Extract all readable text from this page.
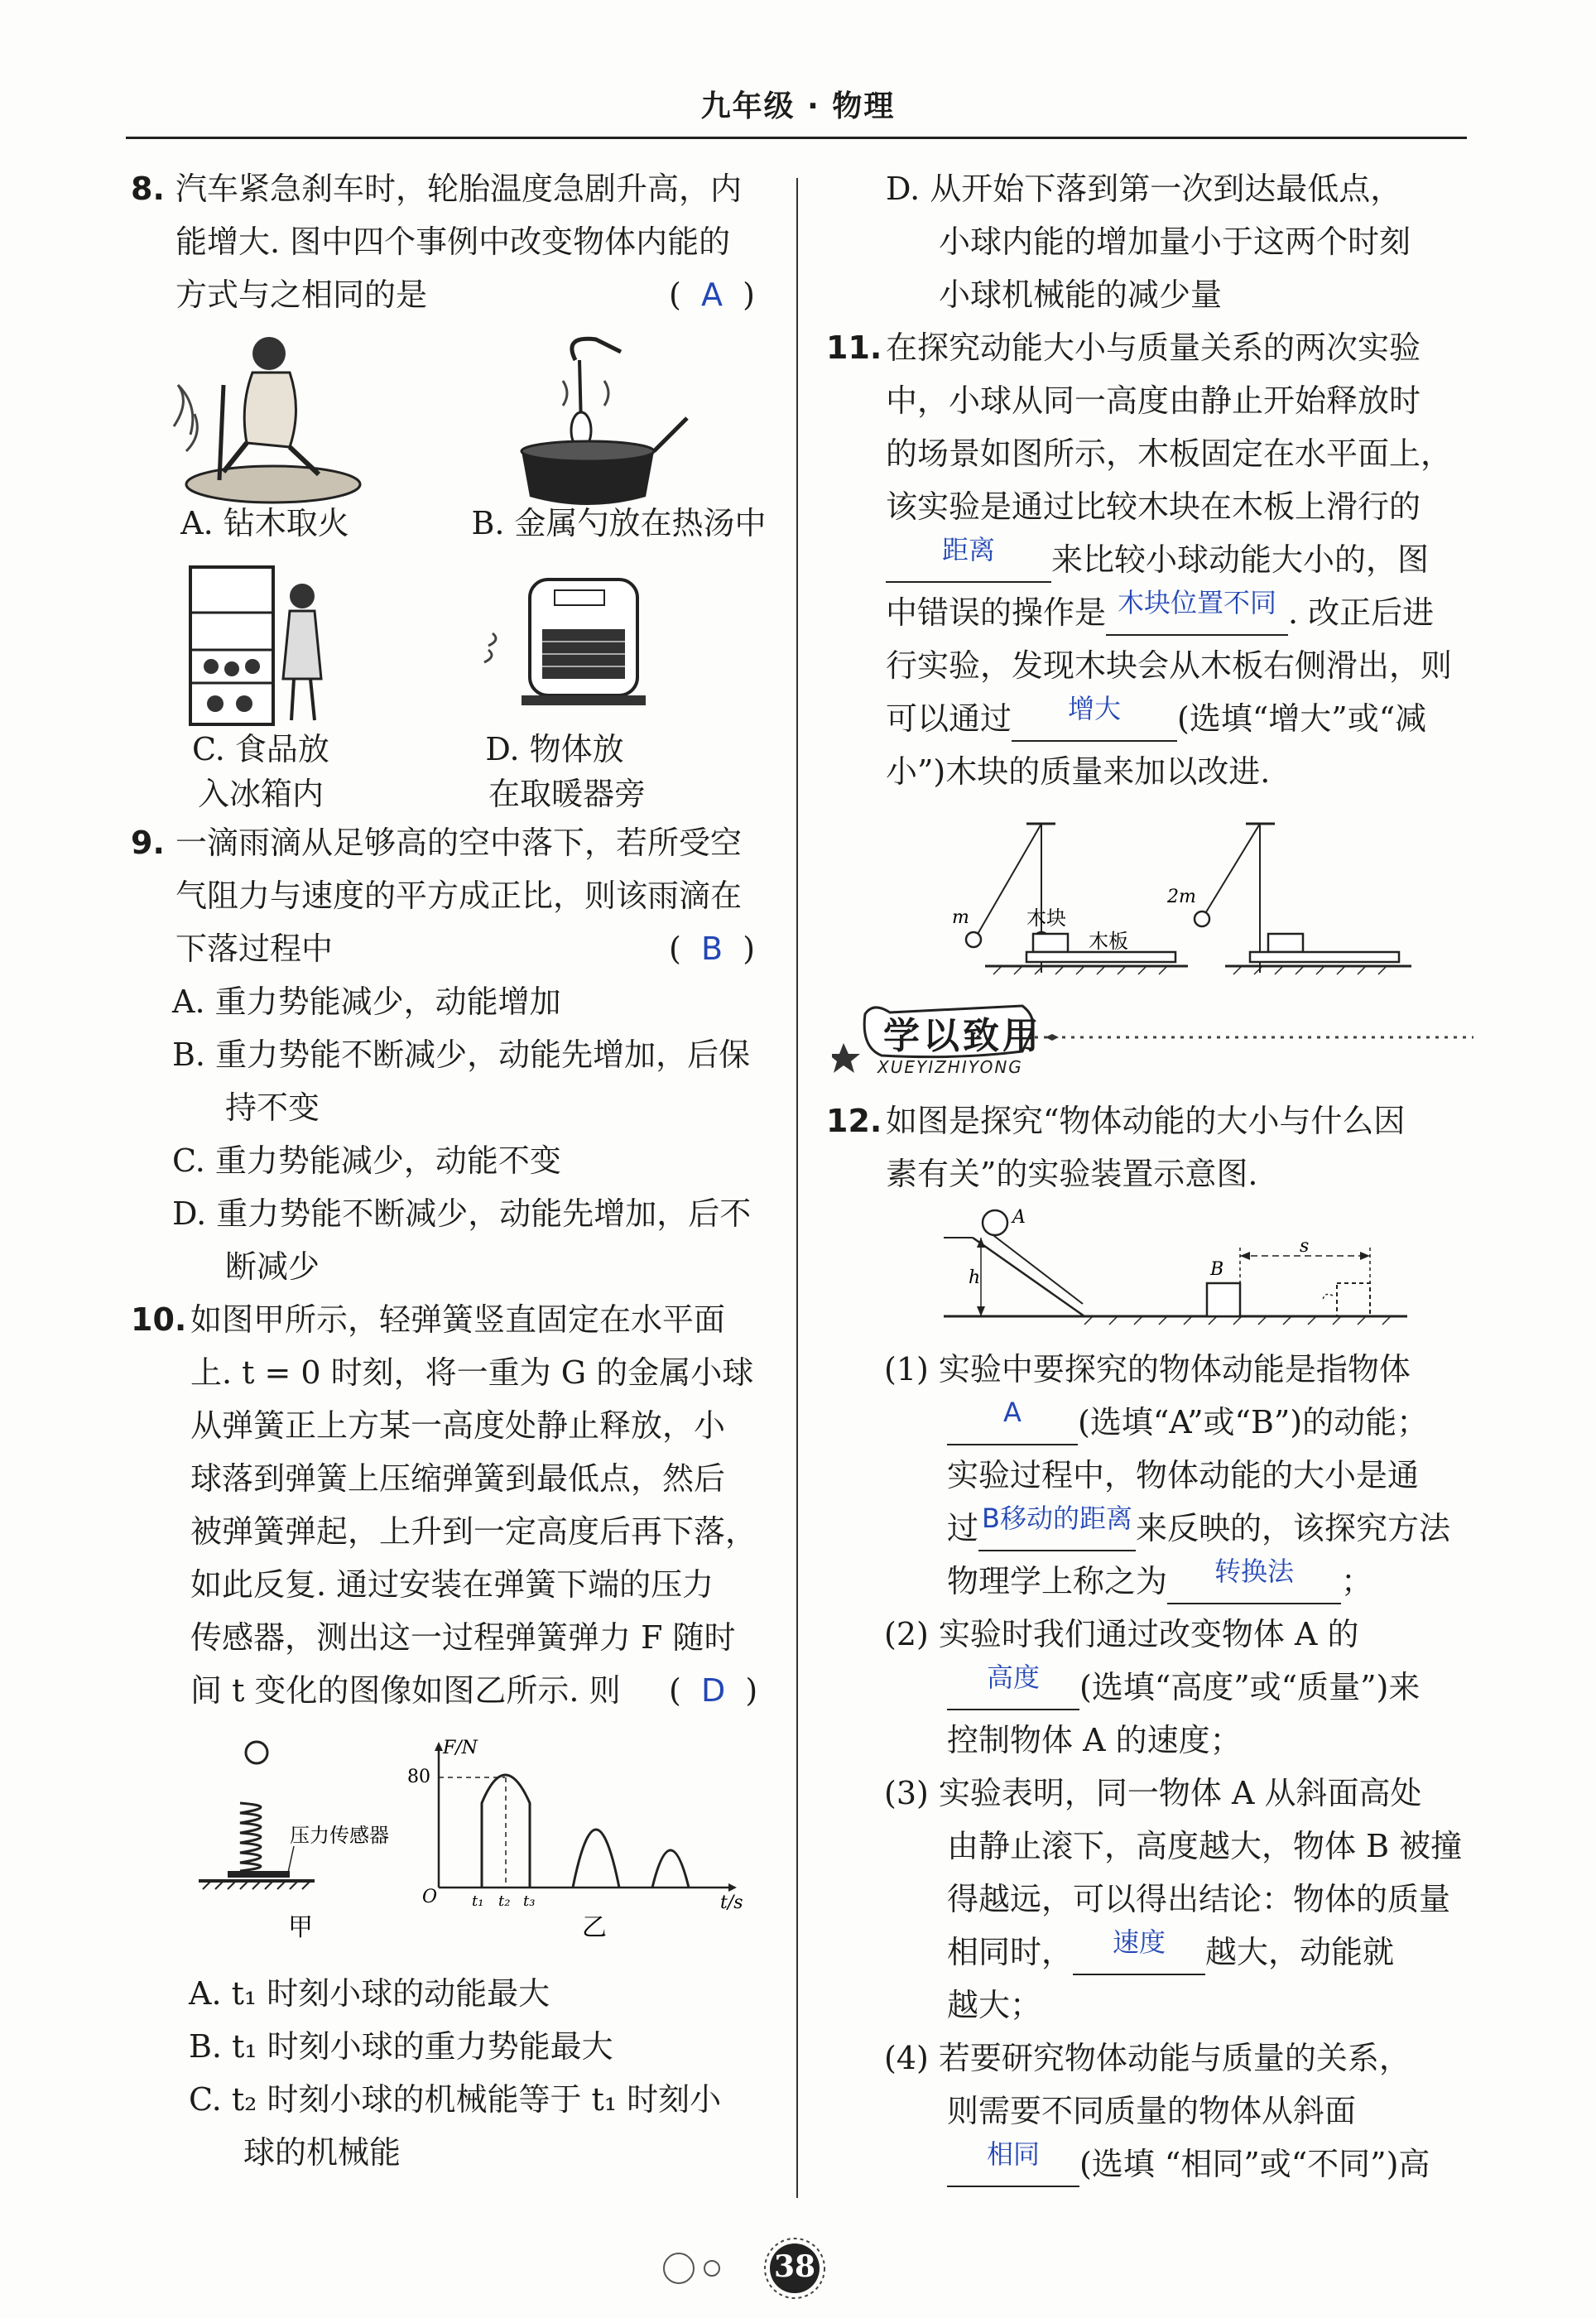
九年级 · 物理
8. 汽车紧急刹车时，轮胎温度急剧升高，内
能增大. 图中四个事例中改变物体内能的
方式与之相同的是	(  A  )
A. 钻木取火	B. 金属勺放在热汤中
C. 食品放
入冰箱内
D. 物体放
在取暖器旁
9. 一滴雨滴从足够高的空中落下，若所受空
气阻力与速度的平方成正比，则该雨滴在
下落过程中	(  B  )
A. 重力势能减少，动能增加
B. 重力势能不断减少，动能先增加，后保
持不变
C. 重力势能减少，动能不变
D. 重力势能不断减少，动能先增加，后不
断减少
10. 如图甲所示，轻弹簧竖直固定在水平面
上. t = 0 时刻，将一重为 G 的金属小球
从弹簧正上方某一高度处静止释放，小
球落到弹簧上压缩弹簧到最低点，然后
被弹簧弹起，上升到一定高度后再下落，
如此反复. 通过安装在弹簧下端的压力
传感器，测出这一过程弹簧弹力 F 随时
间 t 变化的图像如图乙所示. 则 (  D  )
压力传感器
甲
F/N
80
O	t/s
t₁ t₂ t₃
乙
A. t₁ 时刻小球的动能最大
B. t₁ 时刻小球的重力势能最大
C. t₂ 时刻小球的机械能等于 t₁ 时刻小
球的机械能
D. 从开始下落到第一次到达最低点，
小球内能的增加量小于这两个时刻
小球机械能的减少量
11. 在探究动能大小与质量关系的两次实验
中，小球从同一高度由静止开始释放时
的场景如图所示，木板固定在水平面上，
该实验是通过比较木块在木板上滑行的
$^{距离}$ 来比较小球动能大小的，图
中错误的操作是 $^{木块位置不同}$ . 改正后进
行实验，发现木块会从木板右侧滑出，则
可以通过 $^{增大}$ (选填“增大”或“减
小”)木块的质量来加以改进.
m	木块
木板
2m
学以致用
XUEYIZHIYONG
12. 如图是探究“物体动能的大小与什么因
素有关”的实验装置示意图.
A
h	B
s
(1) 实验中要探究的物体动能是指物体
$^A$ (选填“A”或“B”)的动能；
实验过程中，物体动能的大小是通
过 $^{B移动的距离}$ 来反映的，该探究方法
物理学上称之为 $^{转换法}$ ；
(2) 实验时我们通过改变物体 A 的
$^{高度}$ (选填“高度”或“质量”)来
控制物体 A 的速度；
(3) 实验表明，同一物体 A 从斜面高处
由静止滚下，高度越大，物体 B 被撞
得越远，可以得出结论：物体的质量
相同时， $^{速度}$ 越大，动能就
越大；
(4) 若要研究物体动能与质量的关系，
则需要不同质量的物体从斜面
$^{相同}$ (选填 “相同”或“不同”)高
38
